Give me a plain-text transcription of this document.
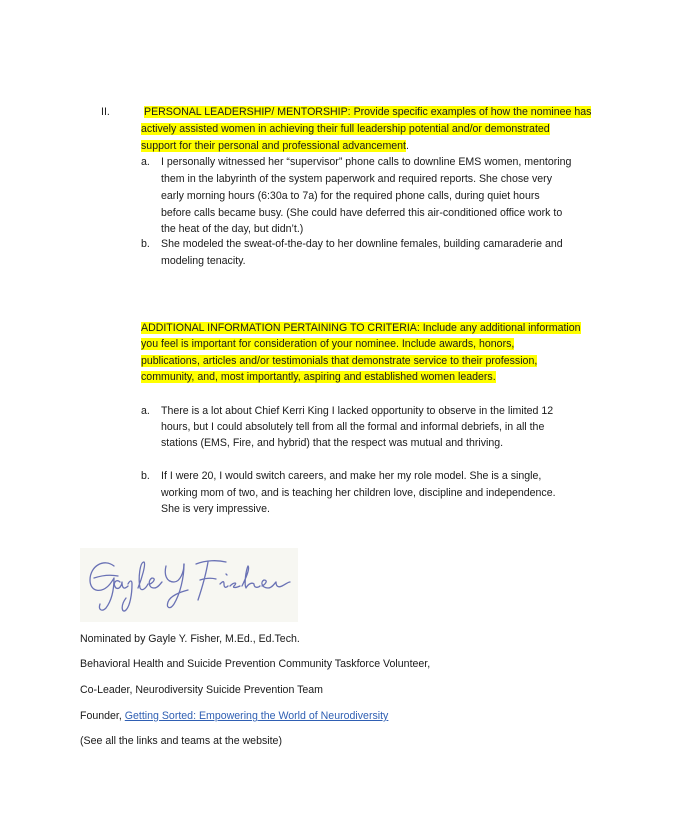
II.	PERSONAL LEADERSHIP/ MENTORSHIP: Provide specific examples of how the nominee has
actively assisted women in achieving their full leadership potential and/or demonstrated
support for their personal and professional advancement.
a. I personally witnessed her “supervisor” phone calls to downline EMS women, mentoring
them in the labyrinth of the system paperwork and required reports. She chose very
early morning hours (6:30a to 7a) for the required phone calls, during quiet hours
before calls became busy. (She could have deferred this air-conditioned office work to
the heat of the day, but didn’t.)
b. She modeled the sweat-of-the-day to her downline females, building camaraderie and
modeling tenacity.
ADDITIONAL INFORMATION PERTAINING TO CRITERIA: Include any additional information
you feel is important for consideration of your nominee. Include awards, honors,
publications, articles and/or testimonials that demonstrate service to their profession,
community, and, most importantly, aspiring and established women leaders.
a. There is a lot about Chief Kerri King I lacked opportunity to observe in the limited 12
hours, but I could absolutely tell from all the formal and informal debriefs, in all the
stations (EMS, Fire, and hybrid) that the respect was mutual and thriving.
b. If I were 20, I would switch careers, and make her my role model. She is a single,
working mom of two, and is teaching her children love, discipline and independence.
She is very impressive.
Nominated by Gayle Y. Fisher, M.Ed., Ed.Tech.
Behavioral Health and Suicide Prevention Community Taskforce Volunteer,
Co-Leader, Neurodiversity Suicide Prevention Team
Founder, Getting Sorted: Empowering the World of Neurodiversity
(See all the links and teams at the website)
